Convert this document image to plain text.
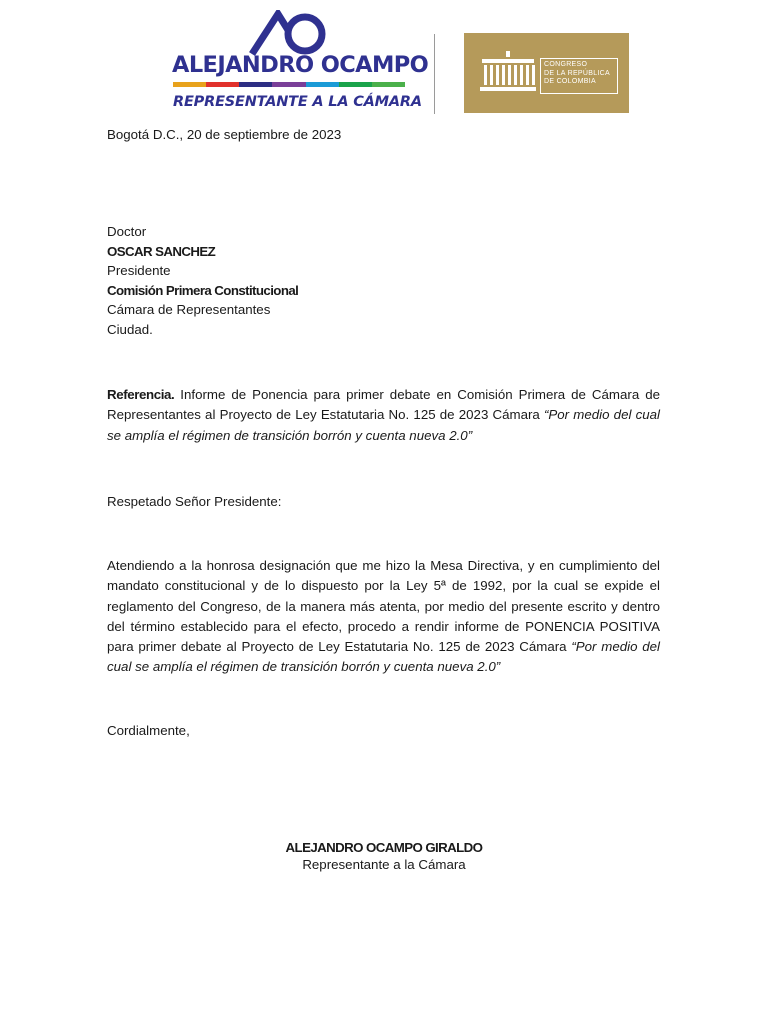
ALEJANDRO OCAMPO
REPRESENTANTE A LA CÁMARA
CONGRESO
DE LA REPÚBLICA
DE COLOMBIA
Bogotá D.C., 20 de septiembre de 2023
Doctor
OSCAR SANCHEZ
Presidente
Comisión Primera Constitucional
Cámara de Representantes
Ciudad.
Referencia. Informe de Ponencia para primer debate en Comisión Primera de Cámara de Representantes al Proyecto de Ley Estatutaria No. 125 de 2023 Cámara “Por medio del cual se amplía el régimen de transición borrón y cuenta nueva 2.0”
Respetado Señor Presidente:
Atendiendo a la honrosa designación que me hizo la Mesa Directiva, y en cumplimiento del mandato constitucional y de lo dispuesto por la Ley 5ª de 1992, por la cual se expide el reglamento del Congreso, de la manera más atenta, por medio del presente escrito y dentro del término establecido para el efecto, procedo a rendir informe de PONENCIA POSITIVA para primer debate al Proyecto de Ley Estatutaria No. 125 de 2023 Cámara “Por medio del cual se amplía el régimen de transición borrón y cuenta nueva 2.0”
Cordialmente,
ALEJANDRO OCAMPO GIRALDO
Representante a la Cámara
